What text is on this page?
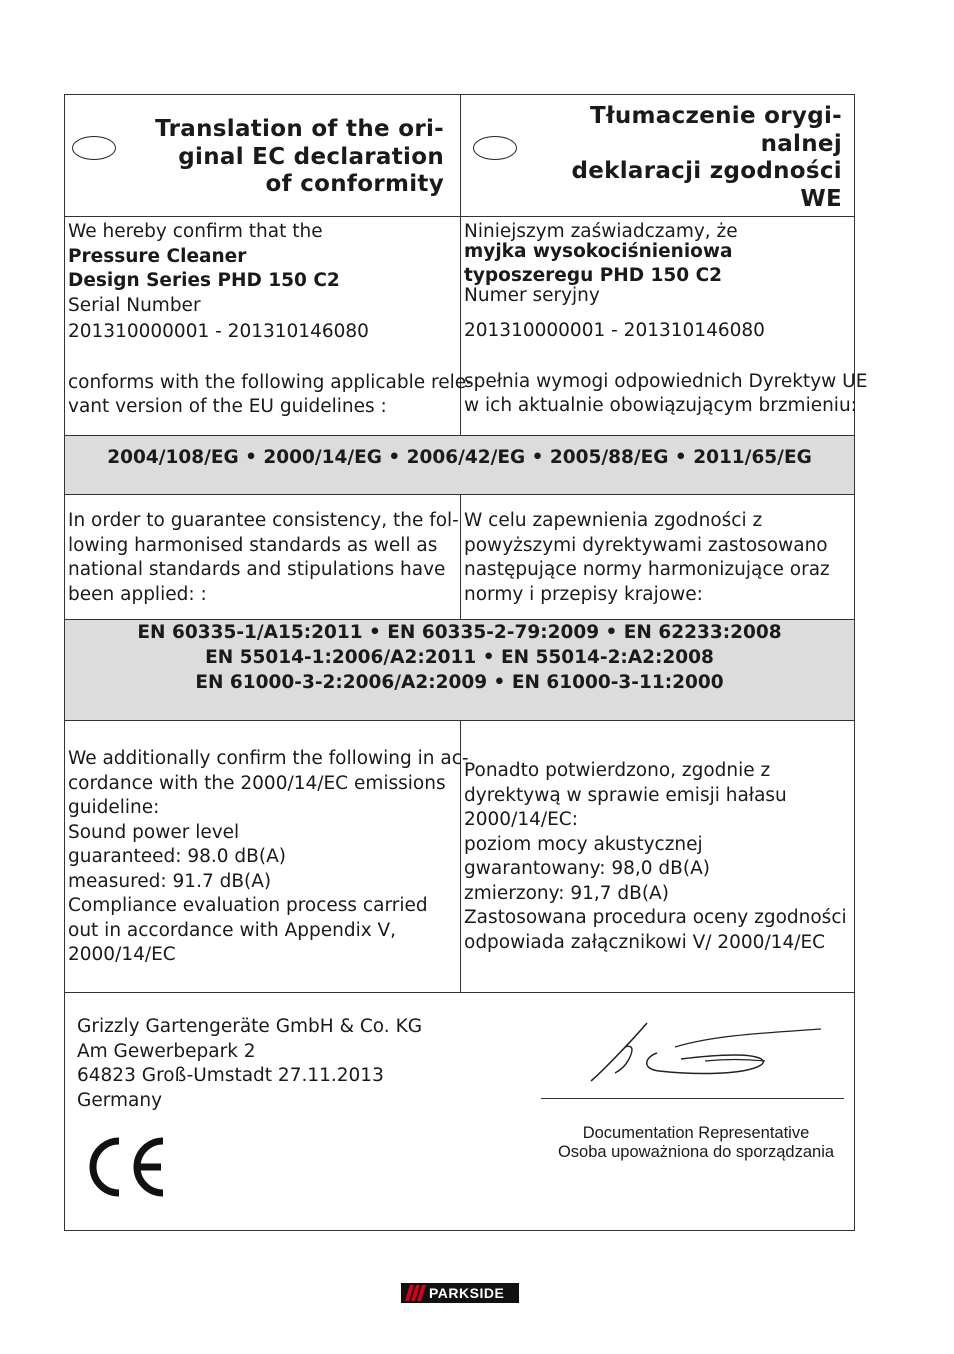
Translation of the ori-
ginal EC declaration
of conformity
Tłumaczenie orygi-
nalnej
deklaracji zgodności
WE
We hereby confirm that the
Pressure Cleaner
Design Series PHD 150 C2
Serial Number
201310000001 - 201310146080
conforms with the following applicable rele-
vant version of the EU guidelines :
Niniejszym zaświadczamy, że
myjka wysokociśnieniowa
typoszeregu PHD 150 C2
Numer seryjny
201310000001 - 201310146080
spełnia wymogi odpowiednich Dyrektyw UE
w ich aktualnie obowiązującym brzmieniu:
2004/108/EG • 2000/14/EG • 2006/42/EG • 2005/88/EG • 2011/65/EG
In order to guarantee consistency, the fol-
lowing harmonised standards as well as
national standards and stipulations have
been applied: :
W celu zapewnienia zgodności z
powyższymi dyrektywami zastosowano
następujące normy harmonizujące oraz
normy i przepisy krajowe:
EN 60335-1/A15:2011 • EN 60335-2-79:2009 • EN 62233:2008
EN 55014-1:2006/A2:2011 • EN 55014-2:A2:2008
EN 61000-3-2:2006/A2:2009 • EN 61000-3-11:2000
We additionally confirm the following in ac-
cordance with the 2000/14/EC emissions
guideline:
Sound power level
guaranteed: 98.0 dB(A)
measured: 91.7 dB(A)
Compliance evaluation process carried
out in accordance with Appendix V,
2000/14/EC
Ponadto potwierdzono, zgodnie z
dyrektywą w sprawie emisji hałasu
2000/14/EC:
poziom mocy akustycznej
gwarantowany: 98,0 dB(A)
zmierzony: 91,7 dB(A)
Zastosowana procedura oceny zgodności
odpowiada załącznikowi V/ 2000/14/EC
Grizzly Gartengeräte GmbH & Co. KG
Am Gewerbepark 2
64823 Groß-Umstadt 27.11.2013
Germany
Documentation Representative
Osoba upoważniona do sporządzania
PARKSIDE
